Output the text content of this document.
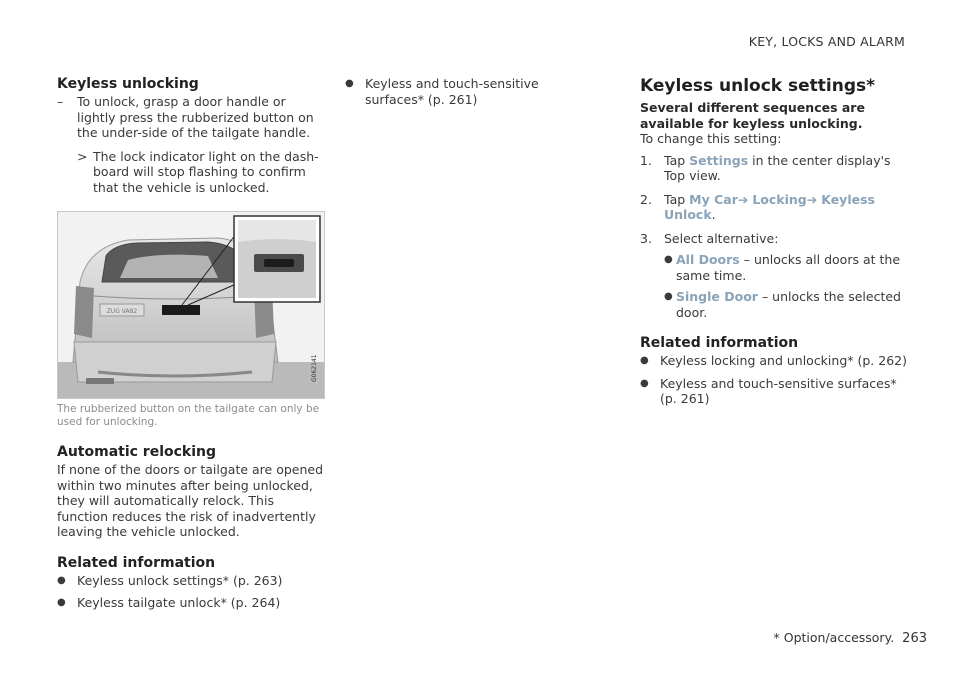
KEY, LOCKS AND ALARM
Keyless unlocking
–	To unlock, grasp a door handle or lightly press the rubberized button on the under-side of the tailgate handle.
> The lock indicator light on the dash-board will stop flashing to confirm that the vehicle is unlocked.
ZUG VA82
G062141
The rubberized button on the tailgate can only be used for unlocking.
Automatic relocking

If none of the doors or tailgate are opened within two minutes after being unlocked, they will automatically relock. This function reduces the risk of inadvertently leaving the vehicle unlocked.

Related information
● Keyless unlock settings* (p. 263)
● Keyless tailgate unlock* (p. 264)
● Keyless and touch-sensitive surfaces* (p. 261)
Keyless unlock settings*

Several different sequences are available for keyless unlocking.

To change this setting:

1. Tap Settings in the center display's Top view.
2. Tap My Car➔ Locking➔ Keyless Unlock.
3. Select alternative:
● All Doors – unlocks all doors at the same time.
● Single Door – unlocks the selected door.
Related information
● Keyless locking and unlocking* (p. 262)
● Keyless and touch-sensitive surfaces* (p. 261)
* Option/accessory. 263
